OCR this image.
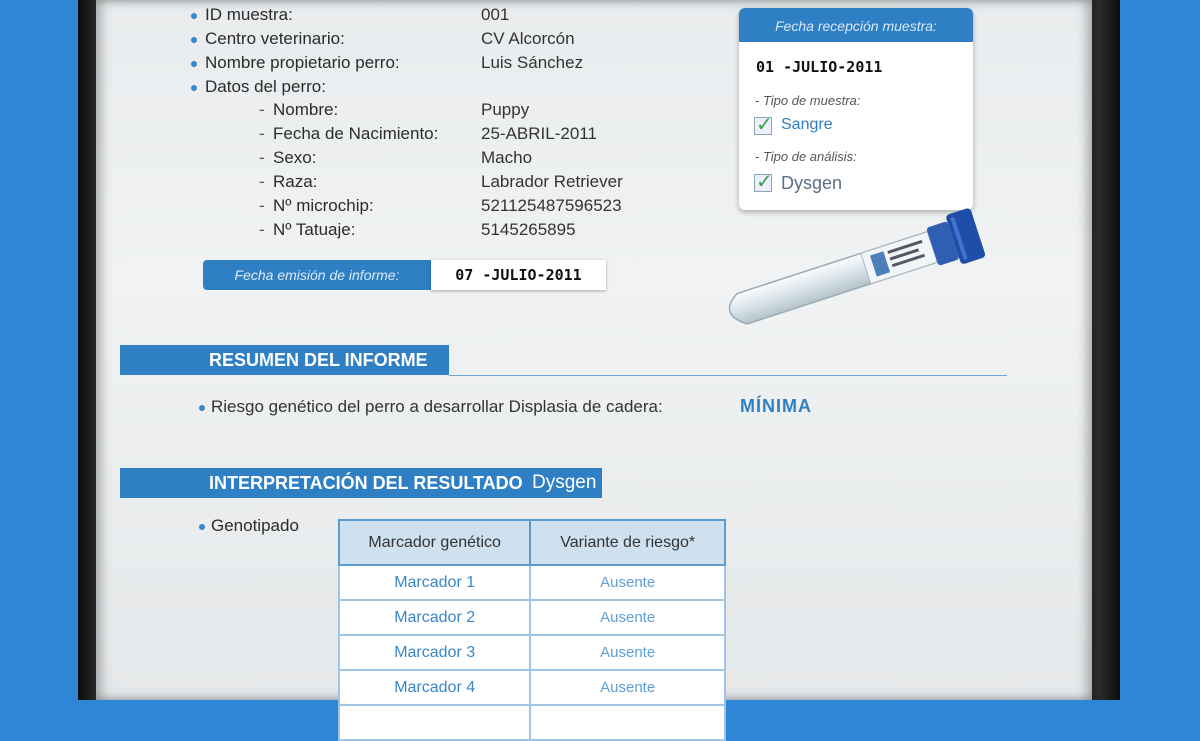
ID muestra:	001
Centro veterinario:	CV Alcorcón
Nombre propietario perro:	Luis Sánchez
Datos del perro:
- Nombre:	Puppy
- Fecha de Nacimiento:	25-ABRIL-2011
- Sexo:	Macho
- Raza:	Labrador Retriever
- Nº microchip:	521125487596523
- Nº Tatuaje:	5145265895
Fecha emisión de informe:	07 -JULIO-2011
Fecha recepción muestra:
01 -JULIO-2011
- Tipo de muestra:
✓
Sangre
- Tipo de análisis:
✓
Dysgen
RESUMEN DEL INFORME
Riesgo genético del perro a desarrollar Displasia de cadera:	MÍNIMA
INTERPRETACIÓN DEL RESULTADO Dysgen
Genotipado
Marcador genético	Variante de riesgo*
Marcador 1	Ausente
Marcador 2	Ausente
Marcador 3	Ausente
Marcador 4	Ausente
